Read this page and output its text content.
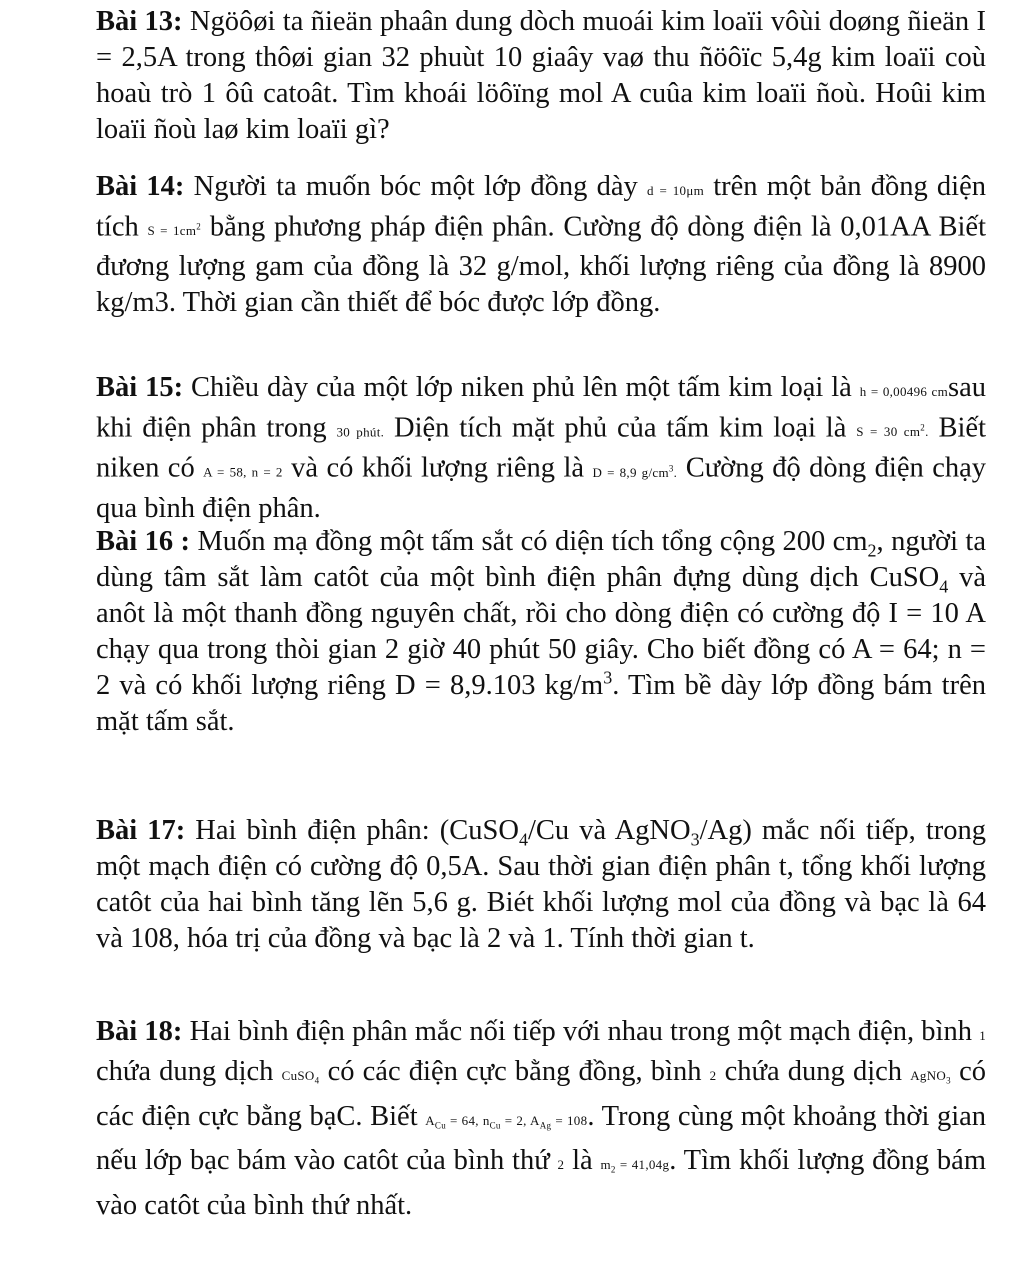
Bài 13: Ngöôøi ta ñieän phaân dung dòch muoái kim loaïi vôùi doøng ñieän I = 2,5A trong thôøi gian 32 phuùt 10 giaây vaø thu ñöôïc 5,4g kim loaïi coù hoaù trò 1 ôû catoât. Tìm khoái löôïng mol A cuûa kim loaïi ñoù. Hoûi kim loaïi ñoù laø kim loaïi gì?

Bài 14: Người ta muốn bóc một lớp đồng dày d = 10μm trên một bản đồng diện tích $S = 1cm^2$ bằng phương pháp điện phân. Cường độ dòng điện là 0,01AA Biết đương lượng gam của đồng là 32 g/mol, khối lượng riêng của đồng là 8900 kg/m3. Thời gian cần thiết để bóc được lớp đồng.

Bài 15: Chiều dày của một lớp niken phủ lên một tấm kim loại là h = 0,00496 cmsau khi điện phân trong 30 phút. Diện tích mặt phủ của tấm kim loại là S = 30 $cm^2$. Biết niken có A = 58, n = 2 và có khối lượng riêng là D = 8,9 $g/cm^3$. Cường độ dòng điện chạy qua bình điện phân.

Bài 16 : Muốn mạ đồng một tấm sắt có diện tích tổng cộng 200 $cm_2$, người ta dùng tâm sắt làm catôt của một bình điện phân đựng dùng dịch CuSO$_4$ và anôt là một thanh đồng nguyên chất, rồi cho dòng điện có cường độ I = 10 A chạy qua trong thòi gian 2 giờ 40 phút 50 giây. Cho biết đồng có A = 64; n = 2 và có khối lượng riêng D = 8,9.103 $kg/m^3$. Tìm bề dày lớp đồng bám trên mặt tấm sắt.

Bài 17: Hai bình điện phân: (CuSO$_4$/Cu và AgNO$_3$/Ag) mắc nối tiếp, trong một mạch điện có cường độ 0,5A. Sau thời gian điện phân t, tổng khối lượng catôt của hai bình tăng lẽn 5,6 g. Biét khối lượng mol của đồng và bạc là 64 và 108, hóa trị của đồng và bạc là 2 và 1. Tính thời gian t.

Bài 18: Hai bình điện phân mắc nối tiếp với nhau trong một mạch điện, bình 1 chứa dung dịch CuSO$_4$ có các điện cực bằng đồng, bình 2 chứa dung dịch AgNO$_3$ có các điện cực bằng bạC. Biết $A_{Cu} = 64$, $n_{Cu} = 2$, $A_{Ag} = 108$. Trong cùng một khoảng thời gian nếu lớp bạc bám vào catôt của bình thứ 2 là $m_2 = 41,04g$. Tìm khối lượng đồng bám vào catôt của bình thứ nhất.
